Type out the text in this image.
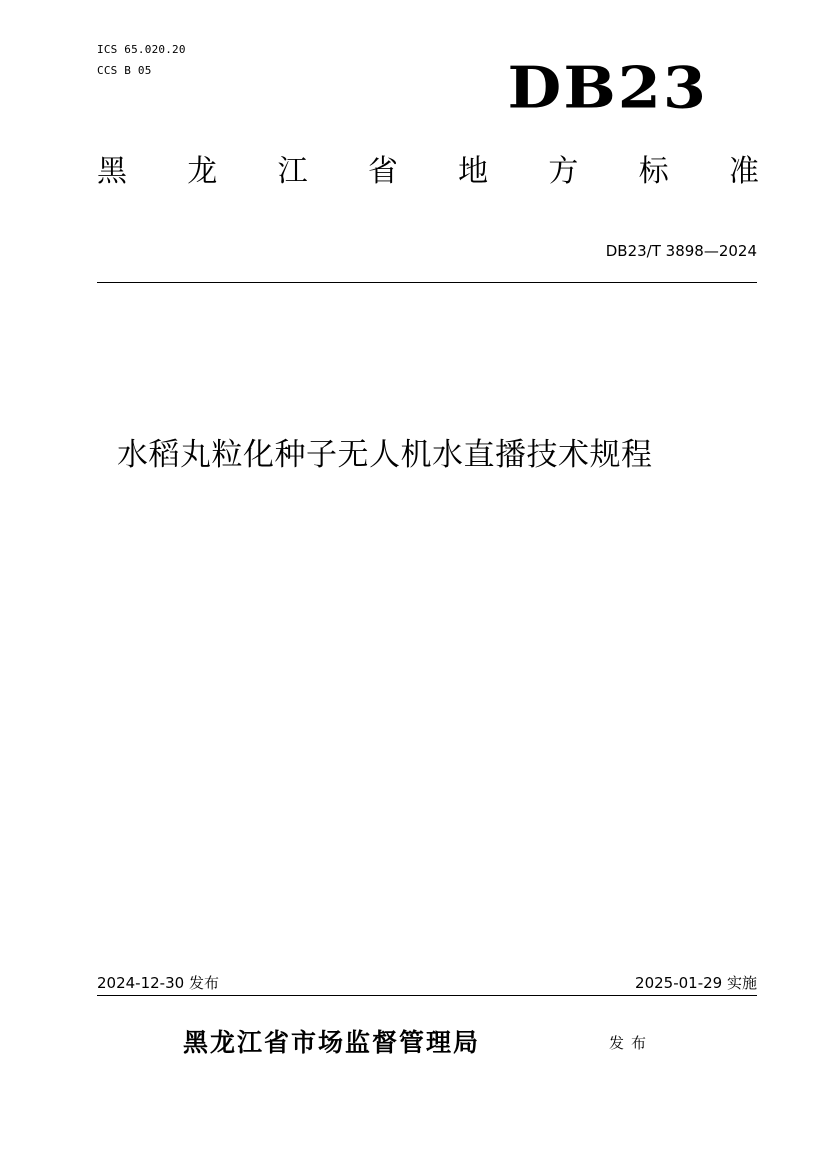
ICS 65.020.20
CCS B 05	DB23
黑 龙 江 省 地 方 标 准
DB23/T 3898—2024
水稻丸粒化种子无人机水直播技术规程
2024-12-30 发布	2025-01-29 实施
黑龙江省市场监督管理局	发布
